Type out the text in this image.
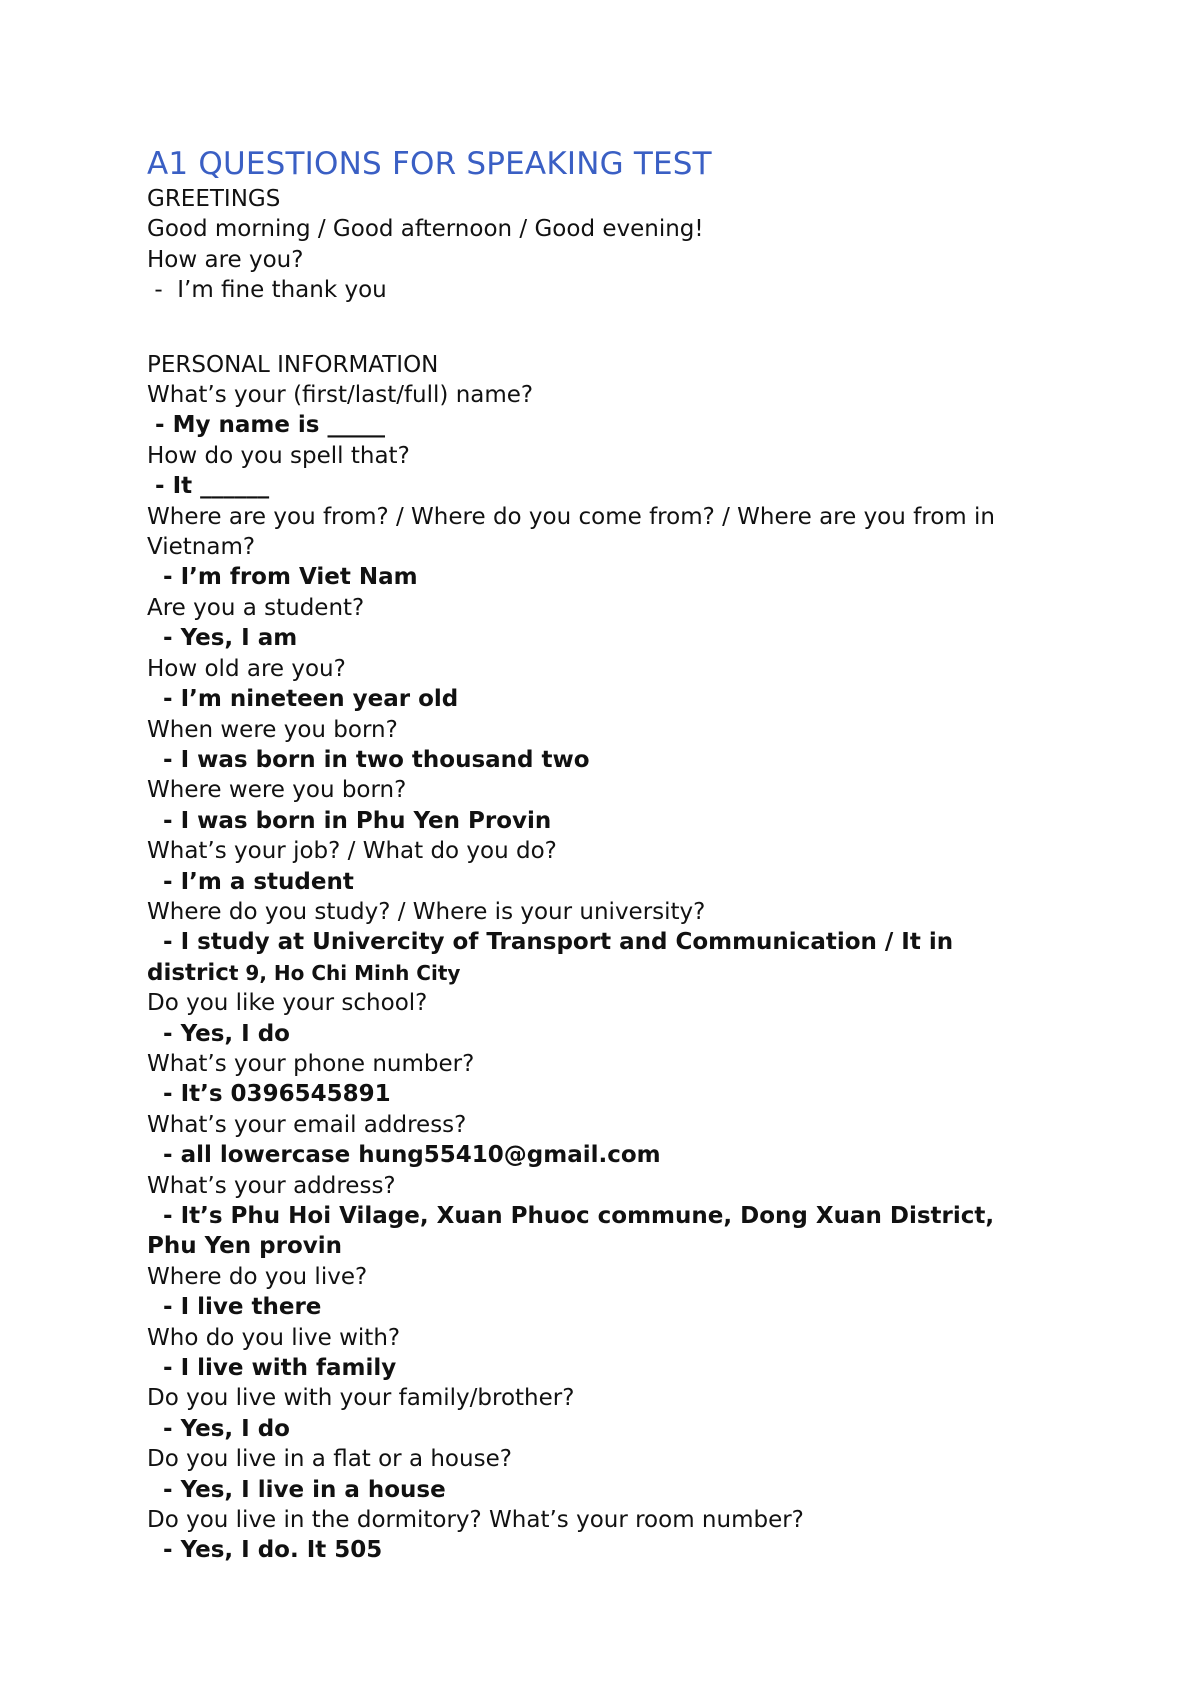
A1 QUESTIONS FOR SPEAKING TEST

GREETINGS

Good morning / Good afternoon / Good evening!

How are you?

-  I’m fine thank you

PERSONAL INFORMATION

What’s your (first/last/full) name?

- My name is _____

How do you spell that?

- It ______

Where are you from? / Where do you come from? / Where are you from in Vietnam?

- I’m from Viet Nam

Are you a student?

- Yes, I am

How old are you?

- I’m nineteen year old

When were you born?

- I was born in two thousand two

Where were you born?

- I was born in Phu Yen Provin

What’s your job? / What do you do?

- I’m a student

Where do you study? / Where is your university?

- I study at Univercity of Transport and Communication / It in

district 9, Ho Chi Minh City

Do you like your school?

- Yes, I do

What’s your phone number?

- It’s 0396545891

What’s your email address?

- all lowercase hung55410@gmail.com

What’s your address?

- It’s Phu Hoi Vilage, Xuan Phuoc commune, Dong Xuan District,

Phu Yen provin

Where do you live?

- I live there

Who do you live with?

- I live with family

Do you live with your family/brother?

- Yes, I do

Do you live in a flat or a house?

- Yes, I live in a house

Do you live in the dormitory? What’s your room number?

- Yes, I do. It 505
